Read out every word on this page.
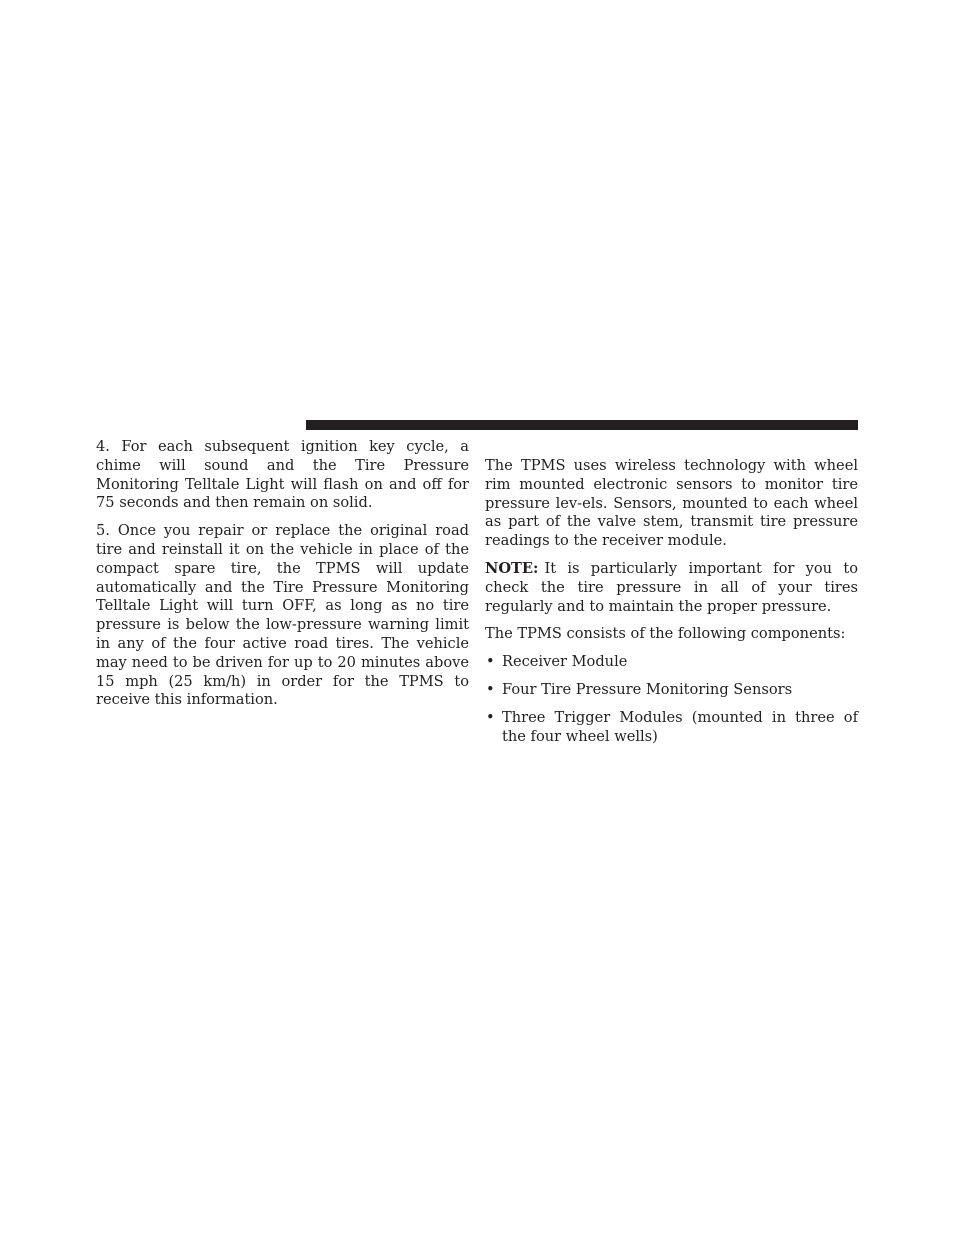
4. For each subsequent ignition key cycle, a chime will sound and the Tire Pressure Monitoring Telltale Light will flash on and off for 75 seconds and then remain on solid.

5. Once you repair or replace the original road tire and reinstall it on the vehicle in place of the compact spare tire, the TPMS will update automatically and the Tire Pressure Monitoring Telltale Light will turn OFF, as long as no tire pressure is below the low-pressure warning limit in any of the four active road tires. The vehicle may need to be driven for up to 20 minutes above 15 mph (25 km/h) in order for the TPMS to receive this information.

The TPMS uses wireless technology with wheel rim mounted electronic sensors to monitor tire pressure lev-els. Sensors, mounted to each wheel as part of the valve stem, transmit tire pressure readings to the receiver module.

NOTE: It is particularly important for you to check the tire pressure in all of your tires regularly and to maintain the proper pressure.

The TPMS consists of the following components:

• Receiver Module
• Four Tire Pressure Monitoring Sensors
• Three Trigger Modules (mounted in three of the four wheel wells)
